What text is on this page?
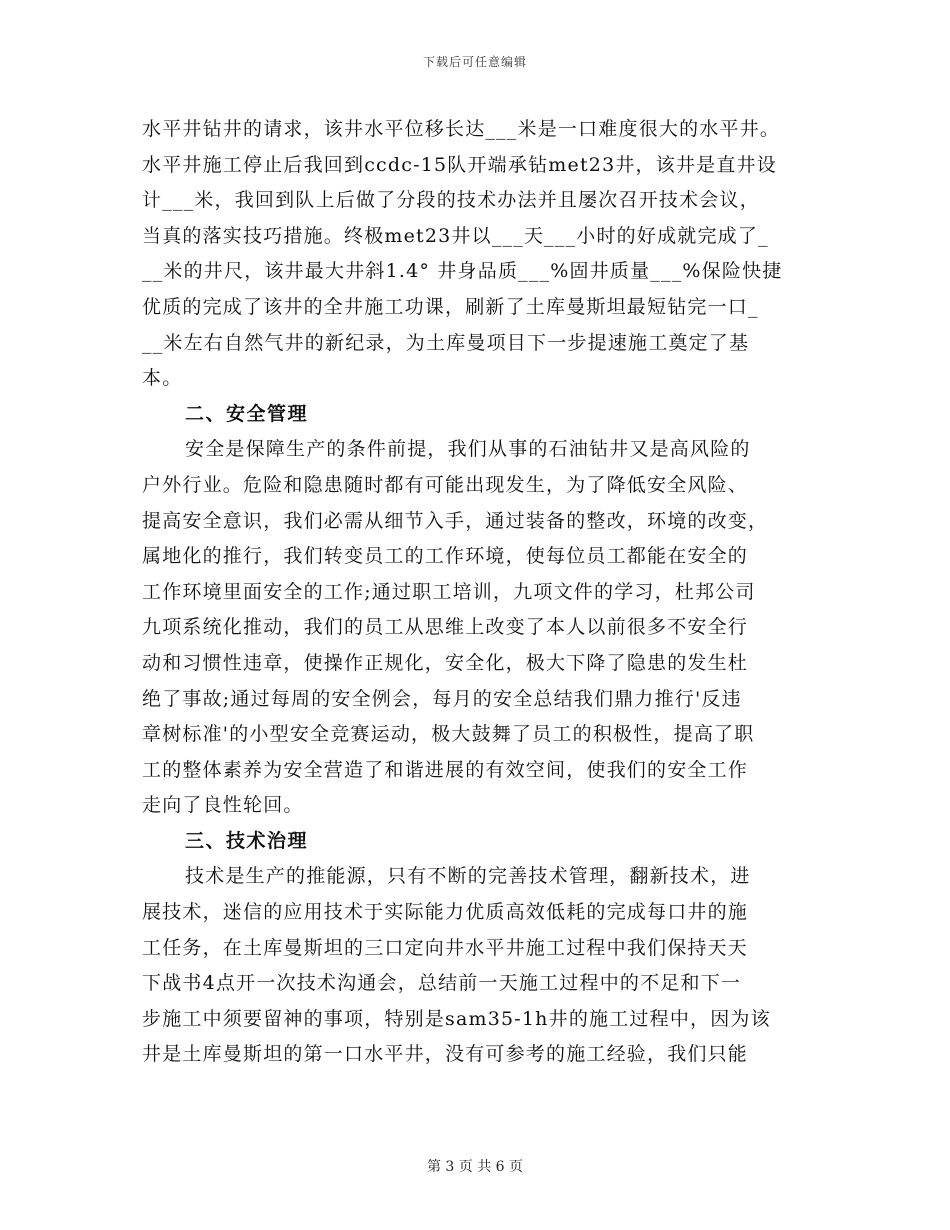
下载后可任意编辑
水平井钻井的请求，该井水平位移长达___米是一口难度很大的水平井。
水平井施工停止后我回到ccdc-15队开端承钻met23井，该井是直井设
计___米，我回到队上后做了分段的技术办法并且屡次召开技术会议，
当真的落实技巧措施。终极met23井以___天___小时的好成就完成了_
__米的井尺，该井最大井斜1.4° 井身品质___%固井质量___%保险快捷
优质的完成了该井的全井施工功课，刷新了土库曼斯坦最短钻完一口_
__米左右自然气井的新纪录，为土库曼项目下一步提速施工奠定了基
本。
二、安全管理
安全是保障生产的条件前提，我们从事的石油钻井又是高风险的
户外行业。危险和隐患随时都有可能出现发生，为了降低安全风险、
提高安全意识，我们必需从细节入手，通过装备的整改，环境的改变，
属地化的推行，我们转变员工的工作环境，使每位员工都能在安全的
工作环境里面安全的工作;通过职工培训，九项文件的学习，杜邦公司
九项系统化推动，我们的员工从思维上改变了本人以前很多不安全行
动和习惯性违章，使操作正规化，安全化，极大下降了隐患的发生杜
绝了事故;通过每周的安全例会，每月的安全总结我们鼎力推行'反违
章树标准'的小型安全竞赛运动，极大鼓舞了员工的积极性，提高了职
工的整体素养为安全营造了和谐进展的有效空间，使我们的安全工作
走向了良性轮回。
三、技术治理
技术是生产的推能源，只有不断的完善技术管理，翻新技术，进
展技术，迷信的应用技术于实际能力优质高效低耗的完成每口井的施
工任务，在土库曼斯坦的三口定向井水平井施工过程中我们保持天天
下战书4点开一次技术沟通会，总结前一天施工过程中的不足和下一
步施工中须要留神的事项，特别是sam35-1h井的施工过程中，因为该
井是土库曼斯坦的第一口水平井，没有可参考的施工经验，我们只能
第 3 页 共 6 页
